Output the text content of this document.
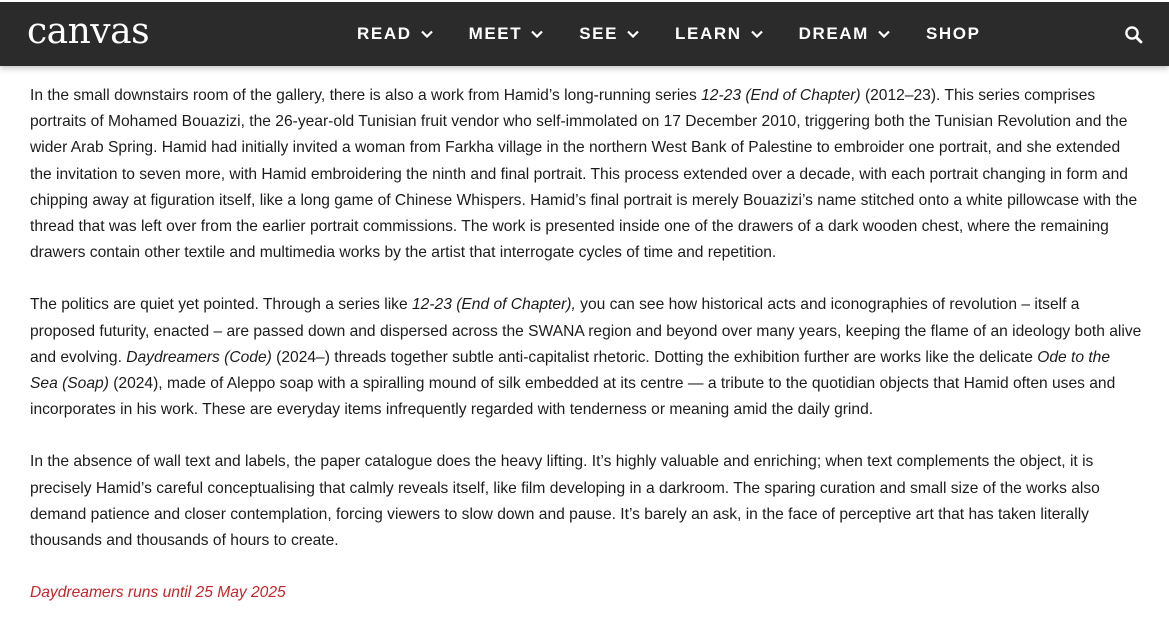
canvas	READ	MEET	SEE	LEARN	DREAM	SHOP

In the small downstairs room of the gallery, there is also a work from Hamid’s long-running series 12-23 (End of Chapter) (2012–23). This series comprises portraits of Mohamed Bouazizi, the 26-year-old Tunisian fruit vendor who self-immolated on 17 December 2010, triggering both the Tunisian Revolution and the wider Arab Spring. Hamid had initially invited a woman from Farkha village in the northern West Bank of Palestine to embroider one portrait, and she extended the invitation to seven more, with Hamid embroidering the ninth and final portrait. This process extended over a decade, with each portrait changing in form and chipping away at figuration itself, like a long game of Chinese Whispers. Hamid’s final portrait is merely Bouazizi’s name stitched onto a white pillowcase with the thread that was left over from the earlier portrait commissions. The work is presented inside one of the drawers of a dark wooden chest, where the remaining drawers contain other textile and multimedia works by the artist that interrogate cycles of time and repetition.

The politics are quiet yet pointed. Through a series like 12-23 (End of Chapter), you can see how historical acts and iconographies of revolution – itself a proposed futurity, enacted – are passed down and dispersed across the SWANA region and beyond over many years, keeping the flame of an ideology both alive and evolving. Daydreamers (Code) (2024–) threads together subtle anti-capitalist rhetoric. Dotting the exhibition further are works like the delicate Ode to the Sea (Soap) (2024), made of Aleppo soap with a spiralling mound of silk embedded at its centre — a tribute to the quotidian objects that Hamid often uses and incorporates in his work. These are everyday items infrequently regarded with tenderness or meaning amid the daily grind.

In the absence of wall text and labels, the paper catalogue does the heavy lifting. It’s highly valuable and enriching; when text complements the object, it is precisely Hamid’s careful conceptualising that calmly reveals itself, like film developing in a darkroom. The sparing curation and small size of the works also demand patience and closer contemplation, forcing viewers to slow down and pause. It’s barely an ask, in the face of perceptive art that has taken literally thousands and thousands of hours to create.

Daydreamers runs until 25 May 2025
